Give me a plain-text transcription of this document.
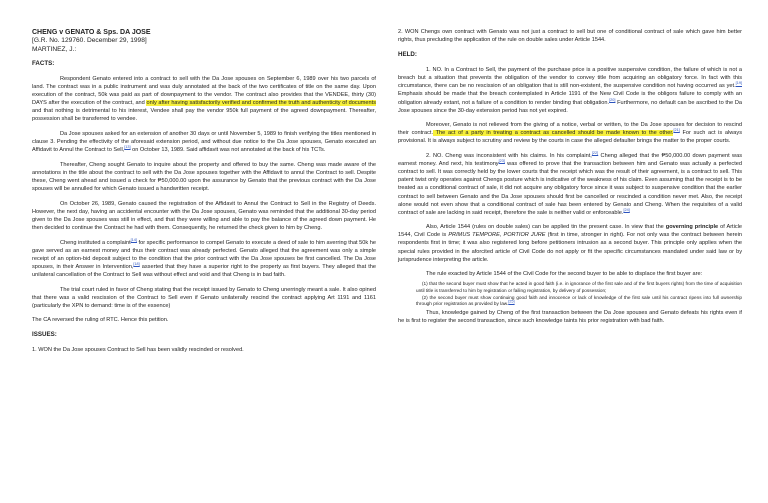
CHENG v GENATO & Sps. DA JOSE

[G.R. No. 129760. December 29, 1998]

MARTINEZ, J.:

FACTS:

Respondent Genato entered into a contract to sell with the Da Jose spouses on September 6, 1989 over his two parcels of land. The contract was in a public instrument and was duly annotated at the back of the two certificates of title on the same day. Upon execution of the contract, 50k was paid as part of downpayment to the vendor. The contract also provides that the VENDEE, thirty (30) DAYS after the execution of the contract, and only after having satisfactorily verified and confirmed the truth and authenticity of documents and that nothing is detrimental to his interest, Vendee shall pay the vendor 950k full payment of the agreed downpayment. Thereafter, possession shall be transferred to vendee.

Da Jose spouses asked for an extension of another 30 days or until November 5, 1989 to finish verifying the titles mentioned in clause 3. Pending the effectivity of the aforesaid extension period, and without due notice to the Da Jose spouses, Genato executed an Affidavit to Annul the Contract to Sell,[13] on October 13, 1989. Said affidavit was not annotated at the back of his TCTs.

Thereafter, Cheng sought Genato to inquire about the property and offered to buy the same. Cheng was made aware of the annotations in the title about the contract to sell with the Da Jose spouses together with the Affidavit to annul the Contract to sell. Despite these, Cheng went ahead and issued a check for ₱50,000.00 upon the assurance by Genato that the previous contract with the Da Jose spouses will be annulled for which Genato issued a handwritten receipt.

On October 26, 1989, Genato caused the registration of the Affidavit to Annul the Contract to Sell in the Registry of Deeds. However, the next day, having an accidental encounter with the Da Jose spouses, Genato was reminded that the additional 30-day period given to the Da Jose spouses was still in effect, and that they were willing and able to pay the balance of the agreed down payment. He then decided to continue the Contract he had with them. Consequently, he returned the check given to him by Cheng.

Cheng instituted a complaint[14] for specific performance to compel Genato to execute a deed of sale to him averring that 50k he gave served as an earnest money and thus their contract was already perfected. Genato alleged that the agreement was only a simple receipt of an option-bid deposit subject to the condition that the prior contract with the Da Jose spouses be first cancelled. The Da Jose spouses, in their Answer in Intervention,[18] asserted that they have a superior right to the property as first buyers. They alleged that the unilateral cancellation of the Contract to Sell was without effect and void and that Cheng is in bad faith.

The trial court ruled in favor of Cheng stating that the receipt issued by Genato to Cheng unerringly meant a sale. It also opined that there was a valid rescission of the Contract to Sell even if Genato unilaterally rescind the contract applying Art 1191 and 1161 (particularly the XPN to demand: time is of the essence)

The CA reversed the ruling of RTC. Hence this petition.

ISSUES:

1. WON the Da Jose spouses Contract to Sell has been validly rescinded or resolved.

2. WON Chengs own contract with Genato was not just a contract to sell but one of conditional contract of sale which gave him better rights, thus precluding the application of the rule on double sales under Article 1544.

HELD:

1. NO. In a Contract to Sell, the payment of the purchase price is a positive suspensive condition, the failure of which is not a breach but a situation that prevents the obligation of the vendor to convey title from acquiring an obligatory force. In fact with this circumstance, there can be no rescission of an obligation that is still non-existent, the suspensive condition not having occurred as yet.[19] Emphasis should be made that the breach contemplated in Article 1191 of the New Civil Code is the obligors failure to comply with an obligation already extant, not a failure of a condition to render binding that obligation.[20] Furthermore, no default can be ascribed to the Da Jose spouses since the 30-day extension period has not yet expired.

Moreover, Genato is not relieved from the giving of a notice, verbal or written, to the Da Jose spouses for decision to rescind their contract. The act of a party in treating a contract as cancelled should be made known to the other.[21] For such act is always provisional. It is always subject to scrutiny and review by the courts in case the alleged defaulter brings the matter to the proper courts.

2. NO. Cheng was inconsistent with his claims. In his complaint,[22] Cheng alleged that the ₱50,000.00 down payment was earnest money. And next, his testimony[23] was offered to prove that the transaction between him and Genato was actually a perfected contract to sell. It was correctly held by the lower courts that the receipt which was the result of their agreement, is a contract to sell. This patent twist only operates against Chengs posture which is indicative of the weakness of his claim. Even assuming that the receipt is to be treated as a conditional contract of sale, it did not acquire any obligatory force since it was subject to suspensive condition that the earlier contract to sell between Genato and the Da Jose spouses should first be cancelled or rescinded a condition never met. Also, the receipt alone would not even show that a conditional contract of sale has been entered by Genato and Cheng. When the requisites of a valid contract of sale are lacking in said receipt, therefore the sale is neither valid or enforceable.[24]

Also, Article 1544 (rules on double sales) can be applied tin the present case. In view that the governing principle of Article 1544, Civil Code is PRIMUS TEMPORE, PORTIOR JURE (first in time, stronger in right). For not only was the contract between herein respondents first in time; it was also registered long before petitioners intrusion as a second buyer. This principle only applies when the special rules provided in the aforcited article of Civil Code do not apply or fit the specific circumstances mandated under said law or by jurisprudence interpreting the article.

The rule exacted by Article 1544 of the Civil Code for the second buyer to be able to displace the first buyer are:

(1) that the second buyer must show that he acted in good faith (i.e. in ignorance of the first sale and of the first buyers rights) from the time of acquisition until title is transferred to him by registration or failing registration, by delivery of possession;

(2) the second buyer must show continuing good faith and innocence or lack of knowledge of the first sale until his contract ripens into full ownership through prior registration as provided by law.[25]

Thus, knowledge gained by Cheng of the first transaction between the Da Jose spouses and Genato defeats his rights even if he is first to register the second transaction, since such knowledge taints his prior registration with bad faith.
